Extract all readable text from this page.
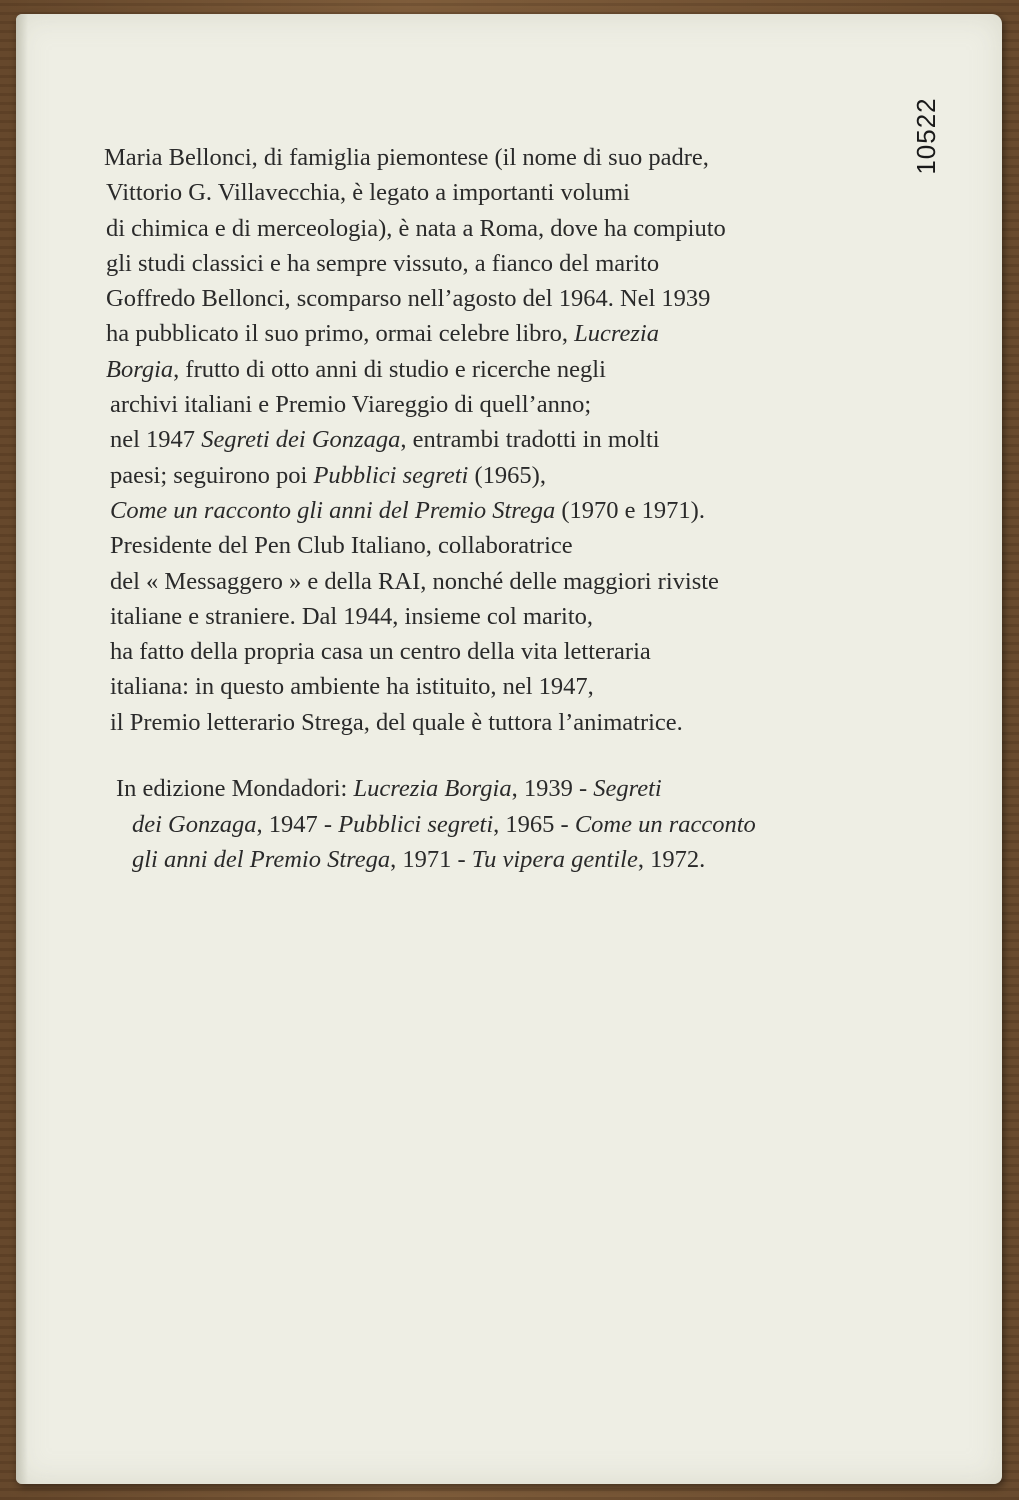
10522
Maria Bellonci, di famiglia piemontese (il nome di suo padre,
Vittorio G. Villavecchia, è legato a importanti volumi
di chimica e di merceologia), è nata a Roma, dove ha compiuto
gli studi classici e ha sempre vissuto, a fianco del marito
Goffredo Bellonci, scomparso nell’agosto del 1964. Nel 1939
ha pubblicato il suo primo, ormai celebre libro, Lucrezia
Borgia, frutto di otto anni di studio e ricerche negli
archivi italiani e Premio Viareggio di quell’anno;
nel 1947 Segreti dei Gonzaga, entrambi tradotti in molti
paesi; seguirono poi Pubblici segreti (1965),
Come un racconto gli anni del Premio Strega (1970 e 1971).
Presidente del Pen Club Italiano, collaboratrice
del « Messaggero » e della RAI, nonché delle maggiori riviste
italiane e straniere. Dal 1944, insieme col marito,
ha fatto della propria casa un centro della vita letteraria
italiana: in questo ambiente ha istituito, nel 1947,
il Premio letterario Strega, del quale è tuttora l’animatrice.
In edizione Mondadori: Lucrezia Borgia, 1939 - Segreti
dei Gonzaga, 1947 - Pubblici segreti, 1965 - Come un racconto
gli anni del Premio Strega, 1971 - Tu vipera gentile, 1972.
